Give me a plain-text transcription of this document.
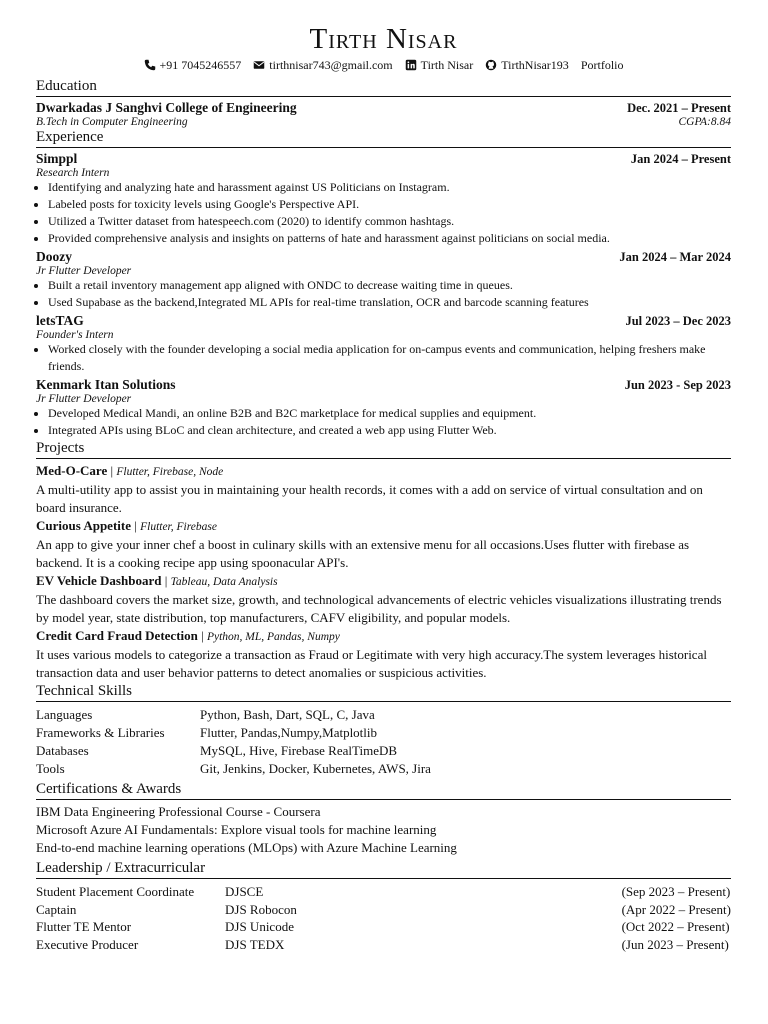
Tirth Nisar
+91 7045246557 tirthnisar743@gmail.com Tirth Nisar TirthNisar193 Portfolio
Education
Dwarkadas J Sanghvi College of Engineering	Dec. 2021 – Present
B.Tech in Computer Engineering	CGPA:8.84
Experience
Simppl	Jan 2024 – Present
Research Intern
• Identifying and analyzing hate and harassment against US Politicians on Instagram.
• Labeled posts for toxicity levels using Google's Perspective API.
• Utilized a Twitter dataset from hatespeech.com (2020) to identify common hashtags.
• Provided comprehensive analysis and insights on patterns of hate and harassment against politicians on social media.
Doozy	Jan 2024 – Mar 2024
Jr Flutter Developer
• Built a retail inventory management app aligned with ONDC to decrease waiting time in queues.
• Used Supabase as the backend,Integrated ML APIs for real-time translation, OCR and barcode scanning features
letsTAG	Jul 2023 – Dec 2023
Founder's Intern
• Worked closely with the founder developing a social media application for on-campus events and communication, helping freshers make friends.
Kenmark Itan Solutions	Jun 2023 - Sep 2023
Jr Flutter Developer
• Developed Medical Mandi, an online B2B and B2C marketplace for medical supplies and equipment.
• Integrated APIs using BLoC and clean architecture, and created a web app using Flutter Web.
Projects
Med-O-Care | Flutter, Firebase, Node
A multi-utility app to assist you in maintaining your health records, it comes with a add on service of virtual consultation and on board insurance.
Curious Appetite | Flutter, Firebase
An app to give your inner chef a boost in culinary skills with an extensive menu for all occasions.Uses flutter with firebase as backend. It is a cooking recipe app using spoonacular API's.
EV Vehicle Dashboard | Tableau, Data Analysis
The dashboard covers the market size, growth, and technological advancements of electric vehicles visualizations illustrating trends by model year, state distribution, top manufacturers, CAFV eligibility, and popular models.
Credit Card Fraud Detection | Python, ML, Pandas, Numpy
It uses various models to categorize a transaction as Fraud or Legitimate with very high accuracy.The system leverages historical transaction data and user behavior patterns to detect anomalies or suspicious activities.
Technical Skills
Languages	Python, Bash, Dart, SQL, C, Java
Frameworks & Libraries	Flutter, Pandas,Numpy,Matplotlib
Databases	MySQL, Hive, Firebase RealTimeDB
Tools	Git, Jenkins, Docker, Kubernetes, AWS, Jira
Certifications & Awards
IBM Data Engineering Professional Course - Coursera
Microsoft Azure AI Fundamentals: Explore visual tools for machine learning
End-to-end machine learning operations (MLOps) with Azure Machine Learning
Leadership / Extracurricular
Student Placement Coordinate	DJSCE	(Sep 2023 – Present)
Captain	DJS Robocon	(Apr 2022 – Present)
Flutter TE Mentor	DJS Unicode	(Oct 2022 – Present)
Executive Producer	DJS TEDX	(Jun 2023 – Present)
